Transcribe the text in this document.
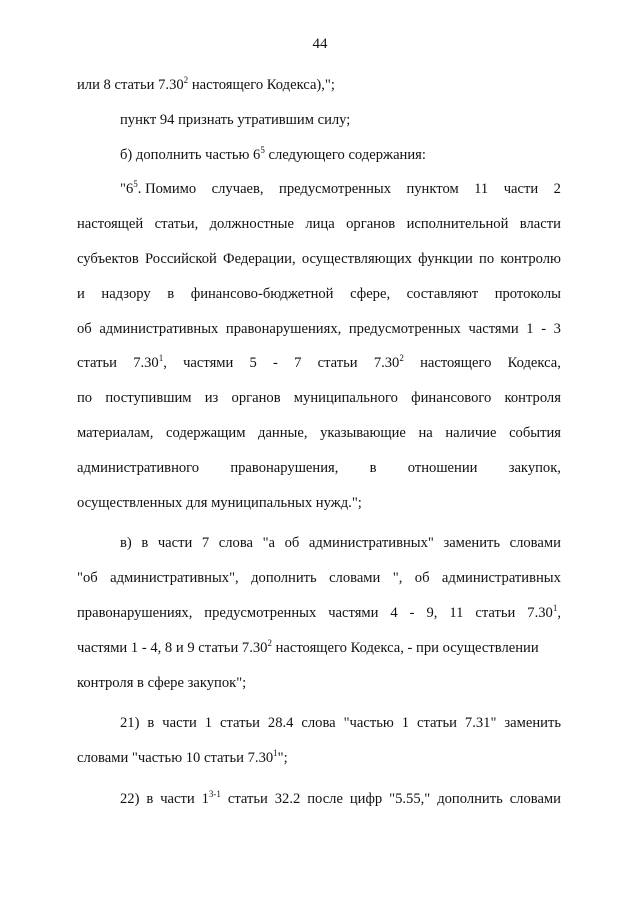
44
или 8 статьи 7.30$^2$ настоящего Кодекса),";
пункт 94 признать утратившим силу;
б) дополнить частью $6^5$ следующего содержания:
"$6^5$. Помимо случаев, предусмотренных пунктом 11 части 2
настоящей статьи, должностные лица органов исполнительной власти
субъектов Российской Федерации, осуществляющих функции по контролю
и надзору в финансово-бюджетной сфере, составляют протоколы
об административных правонарушениях, предусмотренных частями 1 - 3
статьи 7.30$^1$, частями 5 - 7 статьи 7.30$^2$ настоящего Кодекса,
по поступившим из органов муниципального финансового контроля
материалам, содержащим данные, указывающие на наличие события
административного правонарушения, в отношении закупок,
осуществленных для муниципальных нужд.";
в) в части 7 слова "а об административных" заменить словами
"об административных", дополнить словами ", об административных
правонарушениях, предусмотренных частями 4 - 9, 11 статьи 7.30$^1$,
частями 1 - 4, 8 и 9 статьи 7.30$^2$ настоящего Кодекса, - при осуществлении
контроля в сфере закупок";
21) в части 1 статьи 28.4 слова "частью 1 статьи 7.31" заменить
словами "частью 10 статьи 7.30$^1$";
22) в части 1$^{3-1}$ статьи 32.2 после цифр "5.55," дополнить словами
